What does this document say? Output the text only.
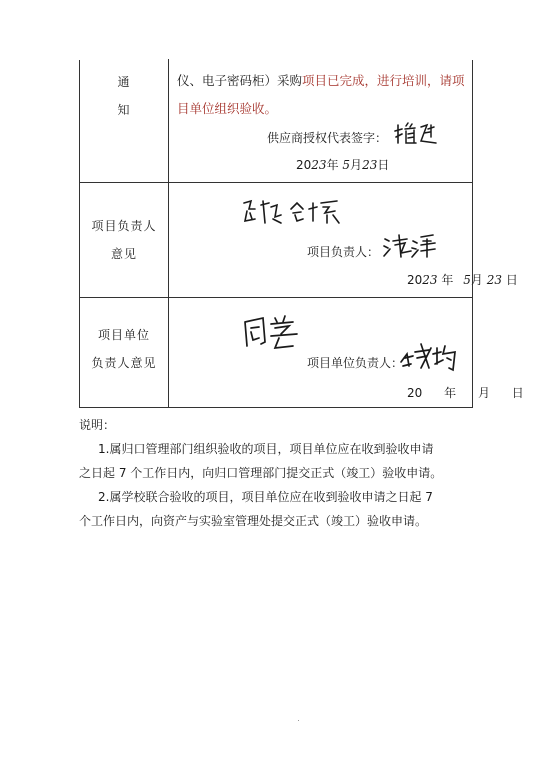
通
知
仪、电子密码柜）采购项目已完成，进行培训，请项
目单位组织验收。
供应商授权代表签字：
2023年 5月23日
项目负责人
意见	项目负责人：
2023 年 5月 23 日
项目单位
负责人意见	项目单位负责人：
20 年 月 日
说明：
1.属归口管理部门组织验收的项目，项目单位应在收到验收申请
之日起 7 个工作日内，向归口管理部门提交正式（竣工）验收申请。
2.属学校联合验收的项目，项目单位应在收到验收申请之日起 7
个工作日内，向资产与实验室管理处提交正式（竣工）验收申请。
